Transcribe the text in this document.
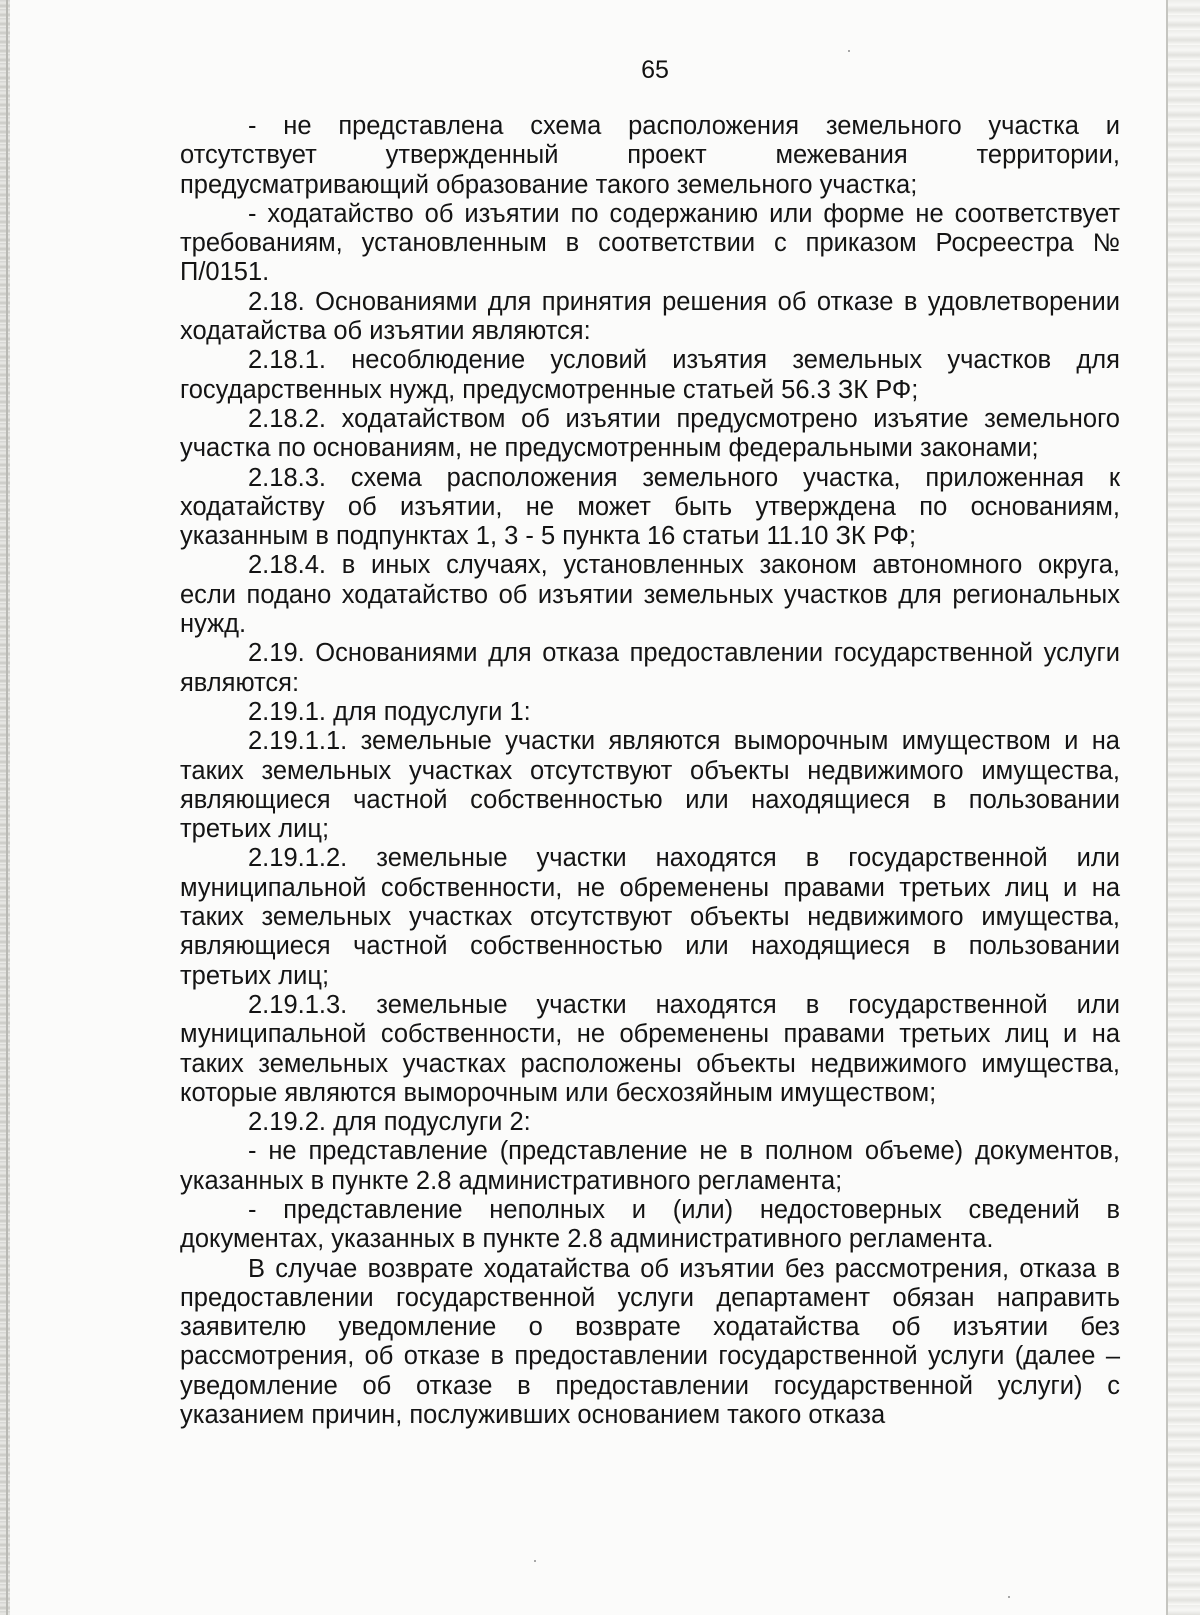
65

- не представлена схема расположения земельного участка и отсутствует утвержденный проект межевания территории, предусматривающий образование такого земельного участка;

- ходатайство об изъятии по содержанию или форме не соответствует требованиям, установленным в соответствии с приказом Росреестра № П/0151.

2.18. Основаниями для принятия решения об отказе в удовлетворении ходатайства об изъятии являются:

2.18.1. несоблюдение условий изъятия земельных участков для государственных нужд, предусмотренные статьей 56.3 ЗК РФ;

2.18.2. ходатайством об изъятии предусмотрено изъятие земельного участка по основаниям, не предусмотренным федеральными законами;

2.18.3. схема расположения земельного участка, приложенная к ходатайству об изъятии, не может быть утверждена по основаниям, указанным в подпунктах 1, 3 - 5 пункта 16 статьи 11.10 ЗК РФ;

2.18.4. в иных случаях, установленных законом автономного округа, если подано ходатайство об изъятии земельных участков для региональных нужд.

2.19. Основаниями для отказа предоставлении государственной услуги являются:

2.19.1. для подуслуги 1:

2.19.1.1. земельные участки являются выморочным имуществом и на таких земельных участках отсутствуют объекты недвижимого имущества, являющиеся частной собственностью или находящиеся в пользовании третьих лиц;

2.19.1.2. земельные участки находятся в государственной или муниципальной собственности, не обременены правами третьих лиц и на таких земельных участках отсутствуют объекты недвижимого имущества, являющиеся частной собственностью или находящиеся в пользовании третьих лиц;

2.19.1.3. земельные участки находятся в государственной или муниципальной собственности, не обременены правами третьих лиц и на таких земельных участках расположены объекты недвижимого имущества, которые являются выморочным или бесхозяйным имуществом;

2.19.2. для подуслуги 2:

- не представление (представление не в полном объеме) документов, указанных в пункте 2.8 административного регламента;

- представление неполных и (или) недостоверных сведений в документах, указанных в пункте 2.8 административного регламента.

В случае возврате ходатайства об изъятии без рассмотрения, отказа в предоставлении государственной услуги департамент обязан направить заявителю уведомление о возврате ходатайства об изъятии без рассмотрения, об отказе в предоставлении государственной услуги (далее – уведомление об отказе в предоставлении государственной услуги) с указанием причин, послуживших основанием такого отказа
